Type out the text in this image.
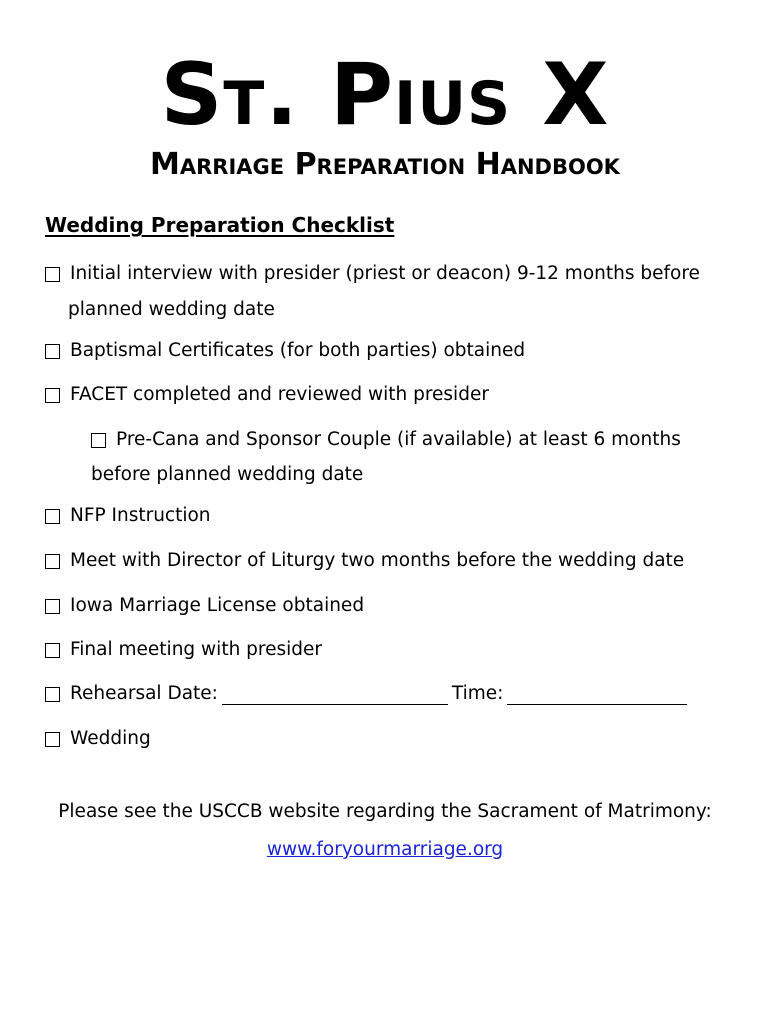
St. Pius X
Marriage Preparation Handbook
Wedding Preparation Checklist
Initial interview with presider (priest or deacon) 9-12 months before
planned wedding date
Baptismal Certificates (for both parties) obtained
FACET completed and reviewed with presider
Pre-Cana and Sponsor Couple (if available) at least 6 months
before planned wedding date
NFP Instruction
Meet with Director of Liturgy two months before the wedding date
Iowa Marriage License obtained
Final meeting with presider
Rehearsal Date:	Time:
Wedding
Please see the USCCB website regarding the Sacrament of Matrimony:
www.foryourmarriage.org
